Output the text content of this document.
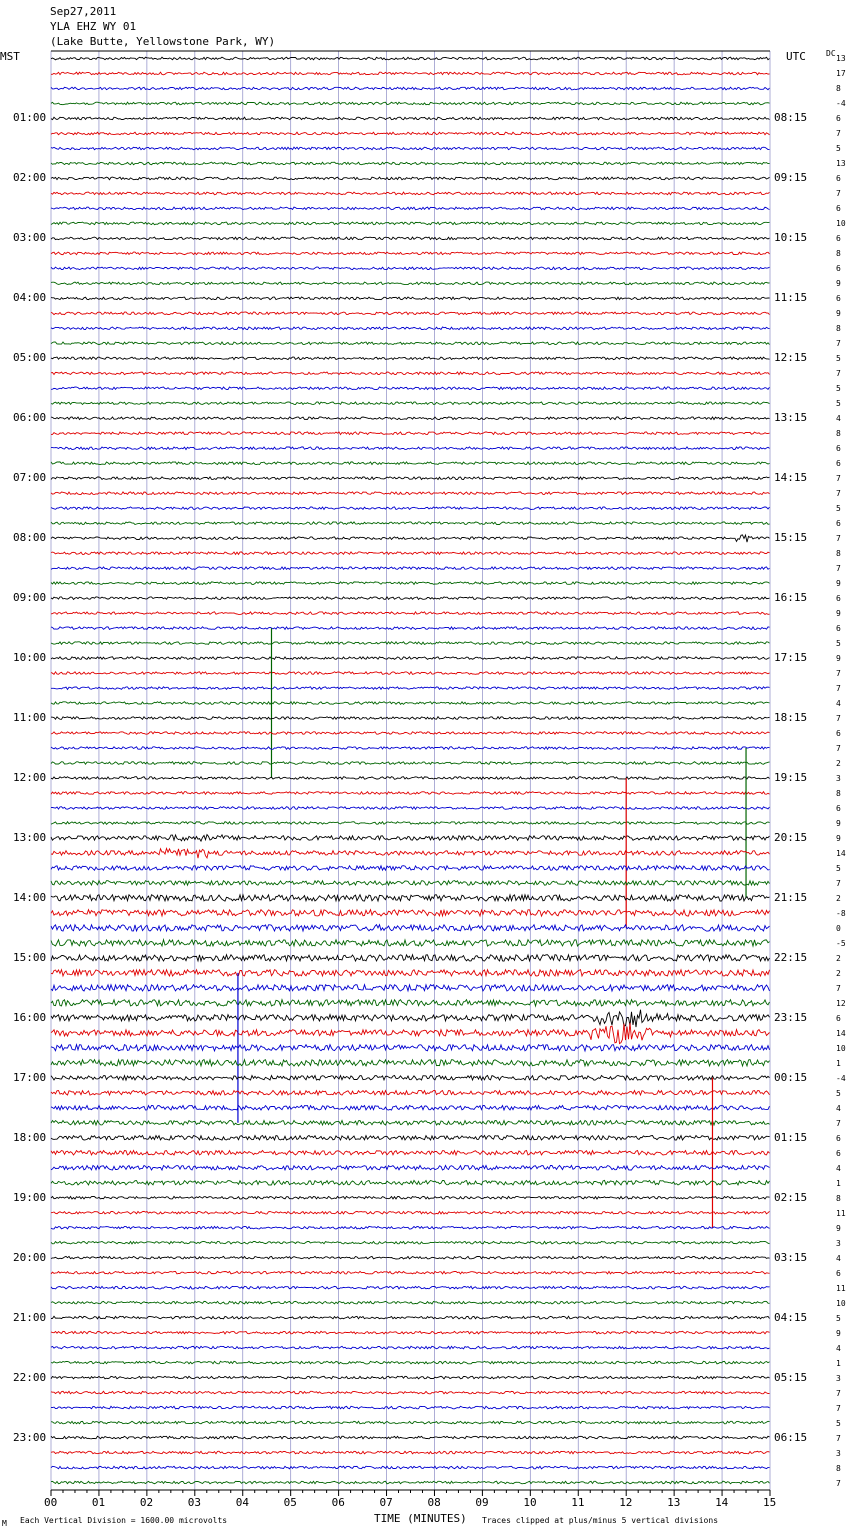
Sep27,2011
YLA EHZ WY 01
(Lake Butte, Yellowstone Park, WY)
MST	UTC	DC
01:00
02:00
03:00
04:00
05:00
06:00
07:00
08:00
09:00
10:00
11:00
12:00
13:00
14:00
15:00
16:00
17:00
18:00
19:00
20:00
21:00
22:00
23:00
08:15
09:15
10:15
11:15
12:15
13:15
14:15
15:15
16:15
17:15
18:15
19:15
20:15
21:15
22:15
23:15
00:15
01:15
02:15
03:15
04:15
05:15
06:15
13
17
8
-4
6
7
5
13
6
7
6
10
6
8
6
9
6
9
8
7
5
7
5
5
4
8
6
6
7
7
5
6
7
8
7
9
6
9
6
5
9
7
7
4
7
6
7
2
3
8
6
9
9
14
5
7
2
-8
0
-5
2
2
7
12
6
14
10
1
-4
5
4
7
6
6
4
1
8
11
9
3
4
6
11
10
5
9
4
1
3
7
7
5
7
3
8
7
00	01	02	03	04	05	06	07	08	09	10	11	12	13	14	15
M Each Vertical Division = 1600.00 microvolts	TIME (MINUTES) Traces clipped at plus/minus 5 vertical divisions
